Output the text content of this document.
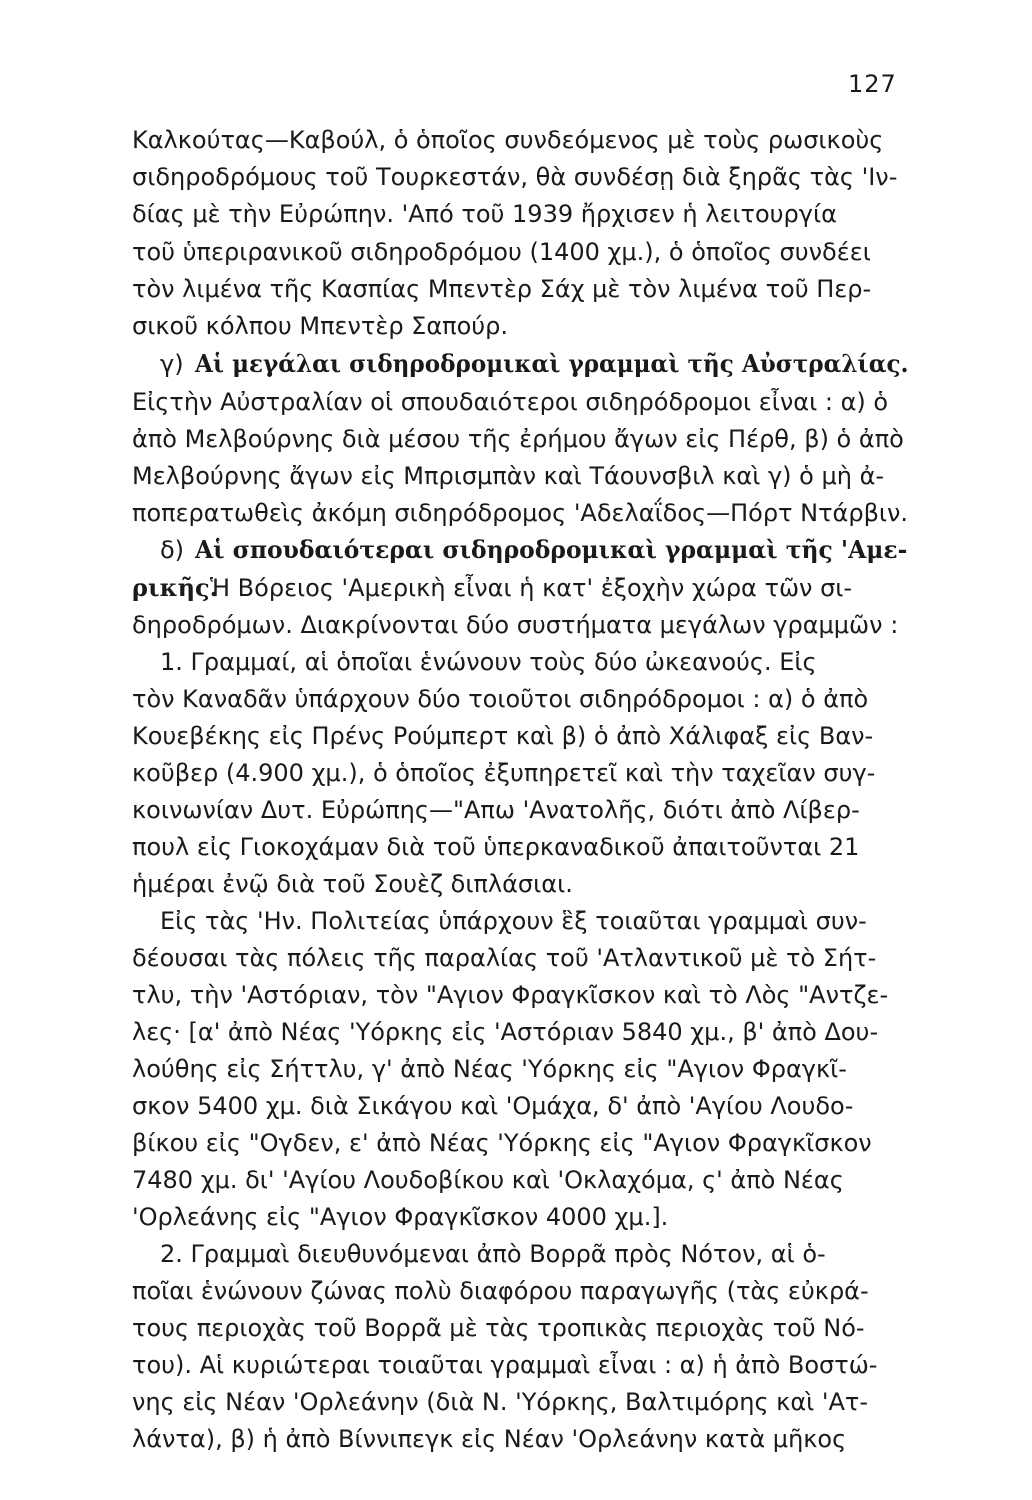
127
Καλκούτας—Καβούλ, ὁ ὁποῖος συνδεόμενος μὲ τοὺς ρωσικοὺς
σιδηροδρόμους τοῦ Τουρκεστάν, θὰ συνδέσῃ διὰ ξηρᾶς τὰς 'Ιν-
δίας μὲ τὴν Εὐρώπην. 'Από τοῦ 1939 ἤρχισεν ἡ λειτουργία
τοῦ ὑπεριρανικοῦ σιδηροδρόμου (1400 χμ.), ὁ ὁποῖος συνδέει
τὸν λιμένα τῆς Κασπίας Μπεντὲρ Σάχ μὲ τὸν λιμένα τοῦ Περ-
σικοῦ κόλπου Μπεντὲρ Σαπούρ.
γ) Αἱ μεγάλαι σιδηροδρομικαὶ γραμμαὶ τῆς Αὐστραλίας.
Εἰςτὴν Αὐστραλίαν οἱ σπουδαιότεροι σιδηρόδρομοι εἶναι : α) ὁ
ἀπὸ Μελβούρνης διὰ μέσου τῆς ἐρήμου ἄγων εἰς Πέρθ, β) ὁ ἀπὸ
Μελβούρνης ἄγων εἰς Μπρισμπὰν καὶ Τάουνσβιλ καὶ γ) ὁ μὴ ἀ-
ποπερατωθεὶς ἀκόμη σιδηρόδρομος 'Αδελαΐδος—Πόρτ Ντάρβιν.
δ) Αἱ σπουδαιότεραι σιδηροδρομικαὶ γραμμαὶ τῆς 'Αμε-
ρικῆς.
Ἡ Βόρειος 'Αμερικὴ εἶναι ἡ κατ' ἐξοχὴν χώρα τῶν σι-
δηροδρόμων. Διακρίνονται δύο συστήματα μεγάλων γραμμῶν :
1. Γραμμαί, αἱ ὁποῖαι ἑνώνουν τοὺς δύο ὠκεανούς. Εἰς
τὸν Καναδᾶν ὑπάρχουν δύο τοιοῦτοι σιδηρόδρομοι : α) ὁ ἀπὸ
Κουεβέκης εἰς Πρένς Ρούμπερτ καὶ β) ὁ ἀπὸ Χάλιφαξ εἰς Βαν-
κοῦβερ (4.900 χμ.), ὁ ὁποῖος ἐξυπηρετεῖ καὶ τὴν ταχεῖαν συγ-
κοινωνίαν Δυτ. Εὐρώπης—"Απω 'Ανατολῆς, διότι ἀπὸ Λίβερ-
πουλ εἰς Γιοκοχάμαν διὰ τοῦ ὑπερκαναδικοῦ ἀπαιτοῦνται 21
ἡμέραι ἐνῷ διὰ τοῦ Σουὲζ διπλάσιαι.
Εἰς τὰς 'Ην. Πολιτείας ὑπάρχουν ἓξ τοιαῦται γραμμαὶ συν-
δέουσαι τὰς πόλεις τῆς παραλίας τοῦ 'Ατλαντικοῦ μὲ τὸ Σήτ-
τλυ, τὴν 'Αστόριαν, τὸν "Αγιον Φραγκῖσκον καὶ τὸ Λὸς "Αντζε-
λες· [α' ἀπὸ Νέας 'Υόρκης εἰς 'Αστόριαν 5840 χμ., β' ἀπὸ Δου-
λούθης εἰς Σήττλυ, γ' ἀπὸ Νέας 'Υόρκης εἰς "Αγιον Φραγκῖ-
σκον 5400 χμ. διὰ Σικάγου καὶ 'Ομάχα, δ' ἀπὸ 'Αγίου Λουδο-
βίκου εἰς "Ογδεν, ε' ἀπὸ Νέας 'Υόρκης εἰς "Αγιον Φραγκῖσκον
7480 χμ. δι' 'Αγίου Λουδοβίκου καὶ 'Οκλαχόμα, ς' ἀπὸ Νέας
'Ορλεάνης εἰς "Αγιον Φραγκῖσκον 4000 χμ.].
2. Γραμμαὶ διευθυνόμεναι ἀπὸ Βορρᾶ πρὸς Νότον, αἱ ὁ-
ποῖαι ἑνώνουν ζώνας πολὺ διαφόρου παραγωγῆς (τὰς εὐκρά-
τους περιοχὰς τοῦ Βορρᾶ μὲ τὰς τροπικὰς περιοχὰς τοῦ Νό-
του). Αἱ κυριώτεραι τοιαῦται γραμμαὶ εἶναι : α) ἡ ἀπὸ Βοστώ-
νης εἰς Νέαν 'Ορλεάνην (διὰ Ν. 'Υόρκης, Βαλτιμόρης καὶ 'Ατ-
λάντα), β) ἡ ἀπὸ Βίννιπεγκ εἰς Νέαν 'Ορλεάνην κατὰ μῆκος
